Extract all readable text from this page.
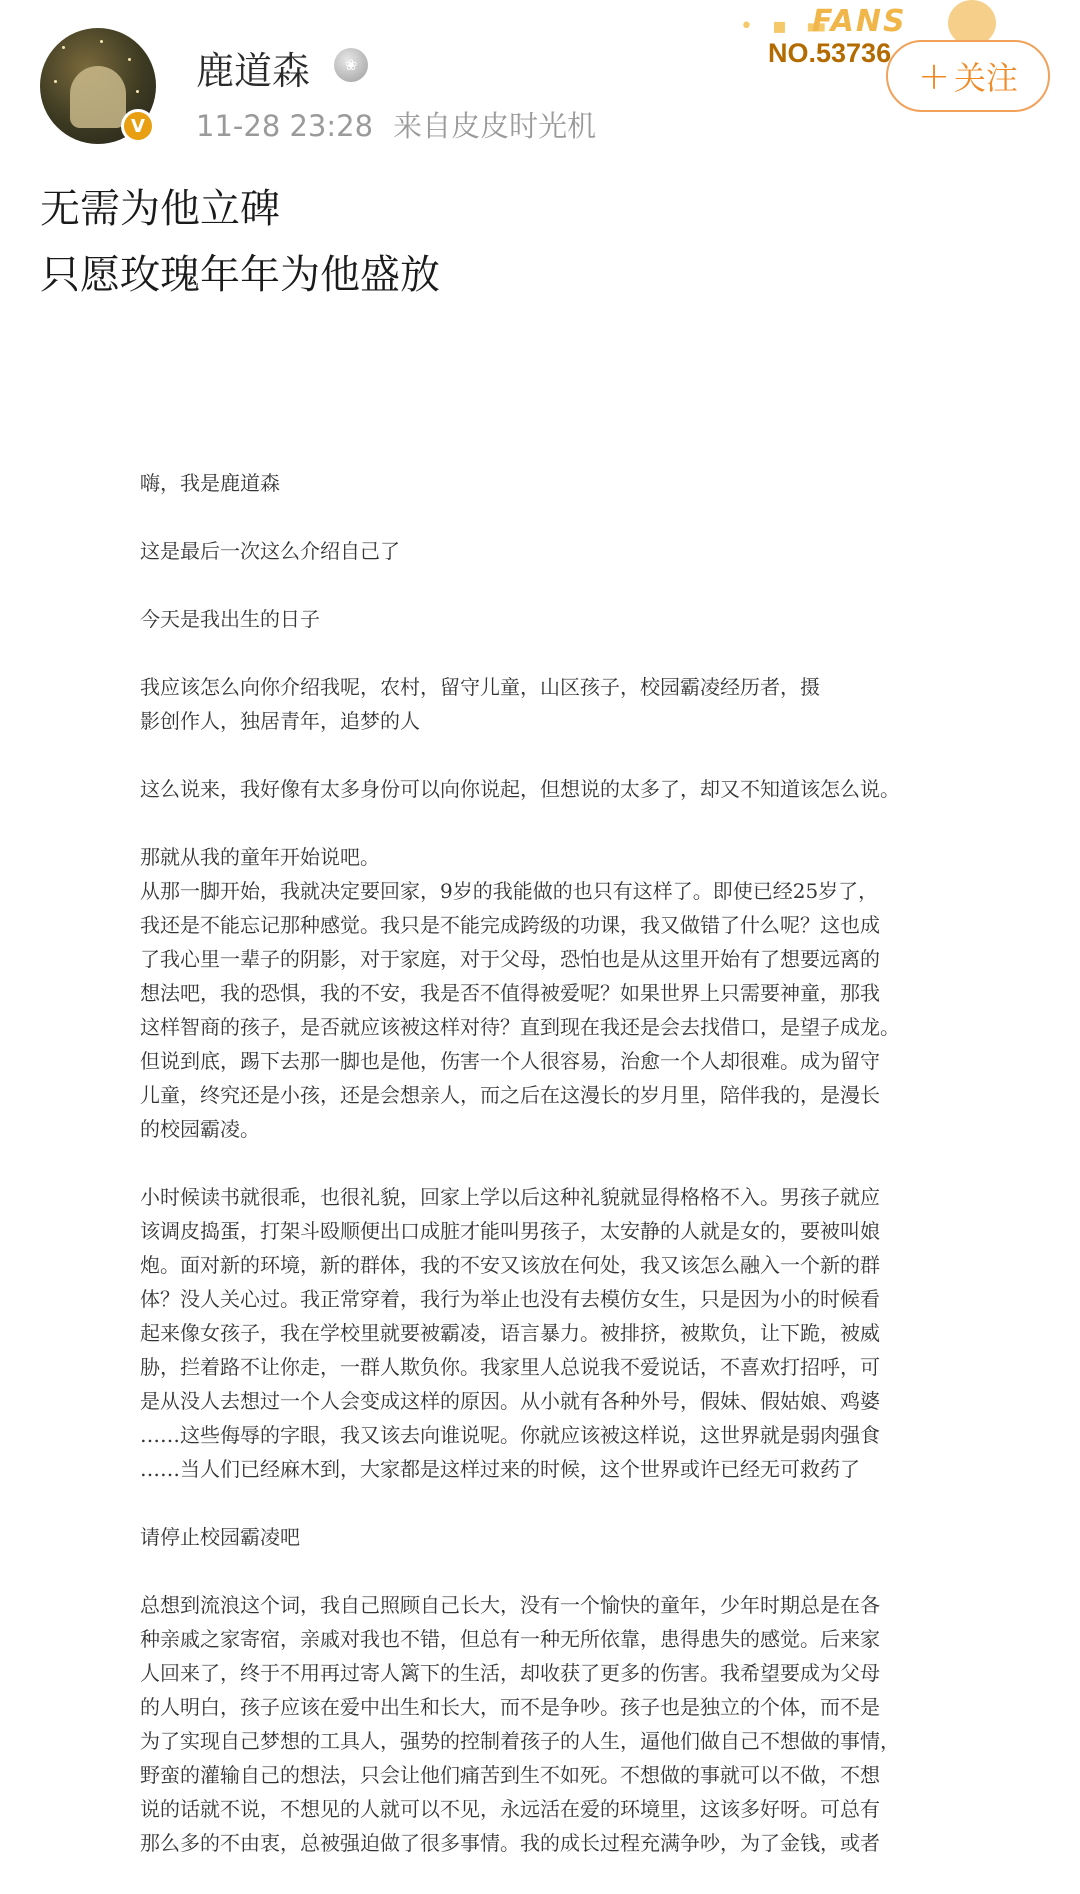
V
鹿道森	❀
11-28 23:28 来自皮皮时光机
• ▪ ▬
FANS
NO.53736
+ 关注
无需为他立碑
只愿玫瑰年年为他盛放

嗨，我是鹿道森

这是最后一次这么介绍自己了

今天是我出生的日子

我应该怎么向你介绍我呢，农村，留守儿童，山区孩子，校园霸凌经历者，摄
影创作人，独居青年，追梦的人

这么说来，我好像有太多身份可以向你说起，但想说的太多了，却又不知道该怎么说。

那就从我的童年开始说吧。

从那一脚开始，我就决定要回家，9岁的我能做的也只有这样了。即使已经25岁了，
我还是不能忘记那种感觉。我只是不能完成跨级的功课，我又做错了什么呢？这也成
了我心里一辈子的阴影，对于家庭，对于父母，恐怕也是从这里开始有了想要远离的
想法吧，我的恐惧，我的不安，我是否不值得被爱呢？如果世界上只需要神童，那我
这样智商的孩子，是否就应该被这样对待？直到现在我还是会去找借口，是望子成龙。
但说到底，踢下去那一脚也是他，伤害一个人很容易，治愈一个人却很难。成为留守
儿童，终究还是小孩，还是会想亲人，而之后在这漫长的岁月里，陪伴我的，是漫长
的校园霸凌。

小时候读书就很乖，也很礼貌，回家上学以后这种礼貌就显得格格不入。男孩子就应
该调皮捣蛋，打架斗殴顺便出口成脏才能叫男孩子，太安静的人就是女的，要被叫娘
炮。面对新的环境，新的群体，我的不安又该放在何处，我又该怎么融入一个新的群
体？没人关心过。我正常穿着，我行为举止也没有去模仿女生，只是因为小的时候看
起来像女孩子，我在学校里就要被霸凌，语言暴力。被排挤，被欺负，让下跪，被威
胁，拦着路不让你走，一群人欺负你。我家里人总说我不爱说话，不喜欢打招呼，可
是从没人去想过一个人会变成这样的原因。从小就有各种外号，假妹、假姑娘、鸡婆
……这些侮辱的字眼，我又该去向谁说呢。你就应该被这样说，这世界就是弱肉强食
……当人们已经麻木到，大家都是这样过来的时候，这个世界或许已经无可救药了

请停止校园霸凌吧

总想到流浪这个词，我自己照顾自己长大，没有一个愉快的童年，少年时期总是在各
种亲戚之家寄宿，亲戚对我也不错，但总有一种无所依靠，患得患失的感觉。后来家
人回来了，终于不用再过寄人篱下的生活，却收获了更多的伤害。我希望要成为父母
的人明白，孩子应该在爱中出生和长大，而不是争吵。孩子也是独立的个体，而不是
为了实现自己梦想的工具人，强势的控制着孩子的人生，逼他们做自己不想做的事情，
野蛮的灌输自己的想法，只会让他们痛苦到生不如死。不想做的事就可以不做，不想
说的话就不说，不想见的人就可以不见，永远活在爱的环境里，这该多好呀。可总有
那么多的不由衷，总被强迫做了很多事情。我的成长过程充满争吵，为了金钱，或者
